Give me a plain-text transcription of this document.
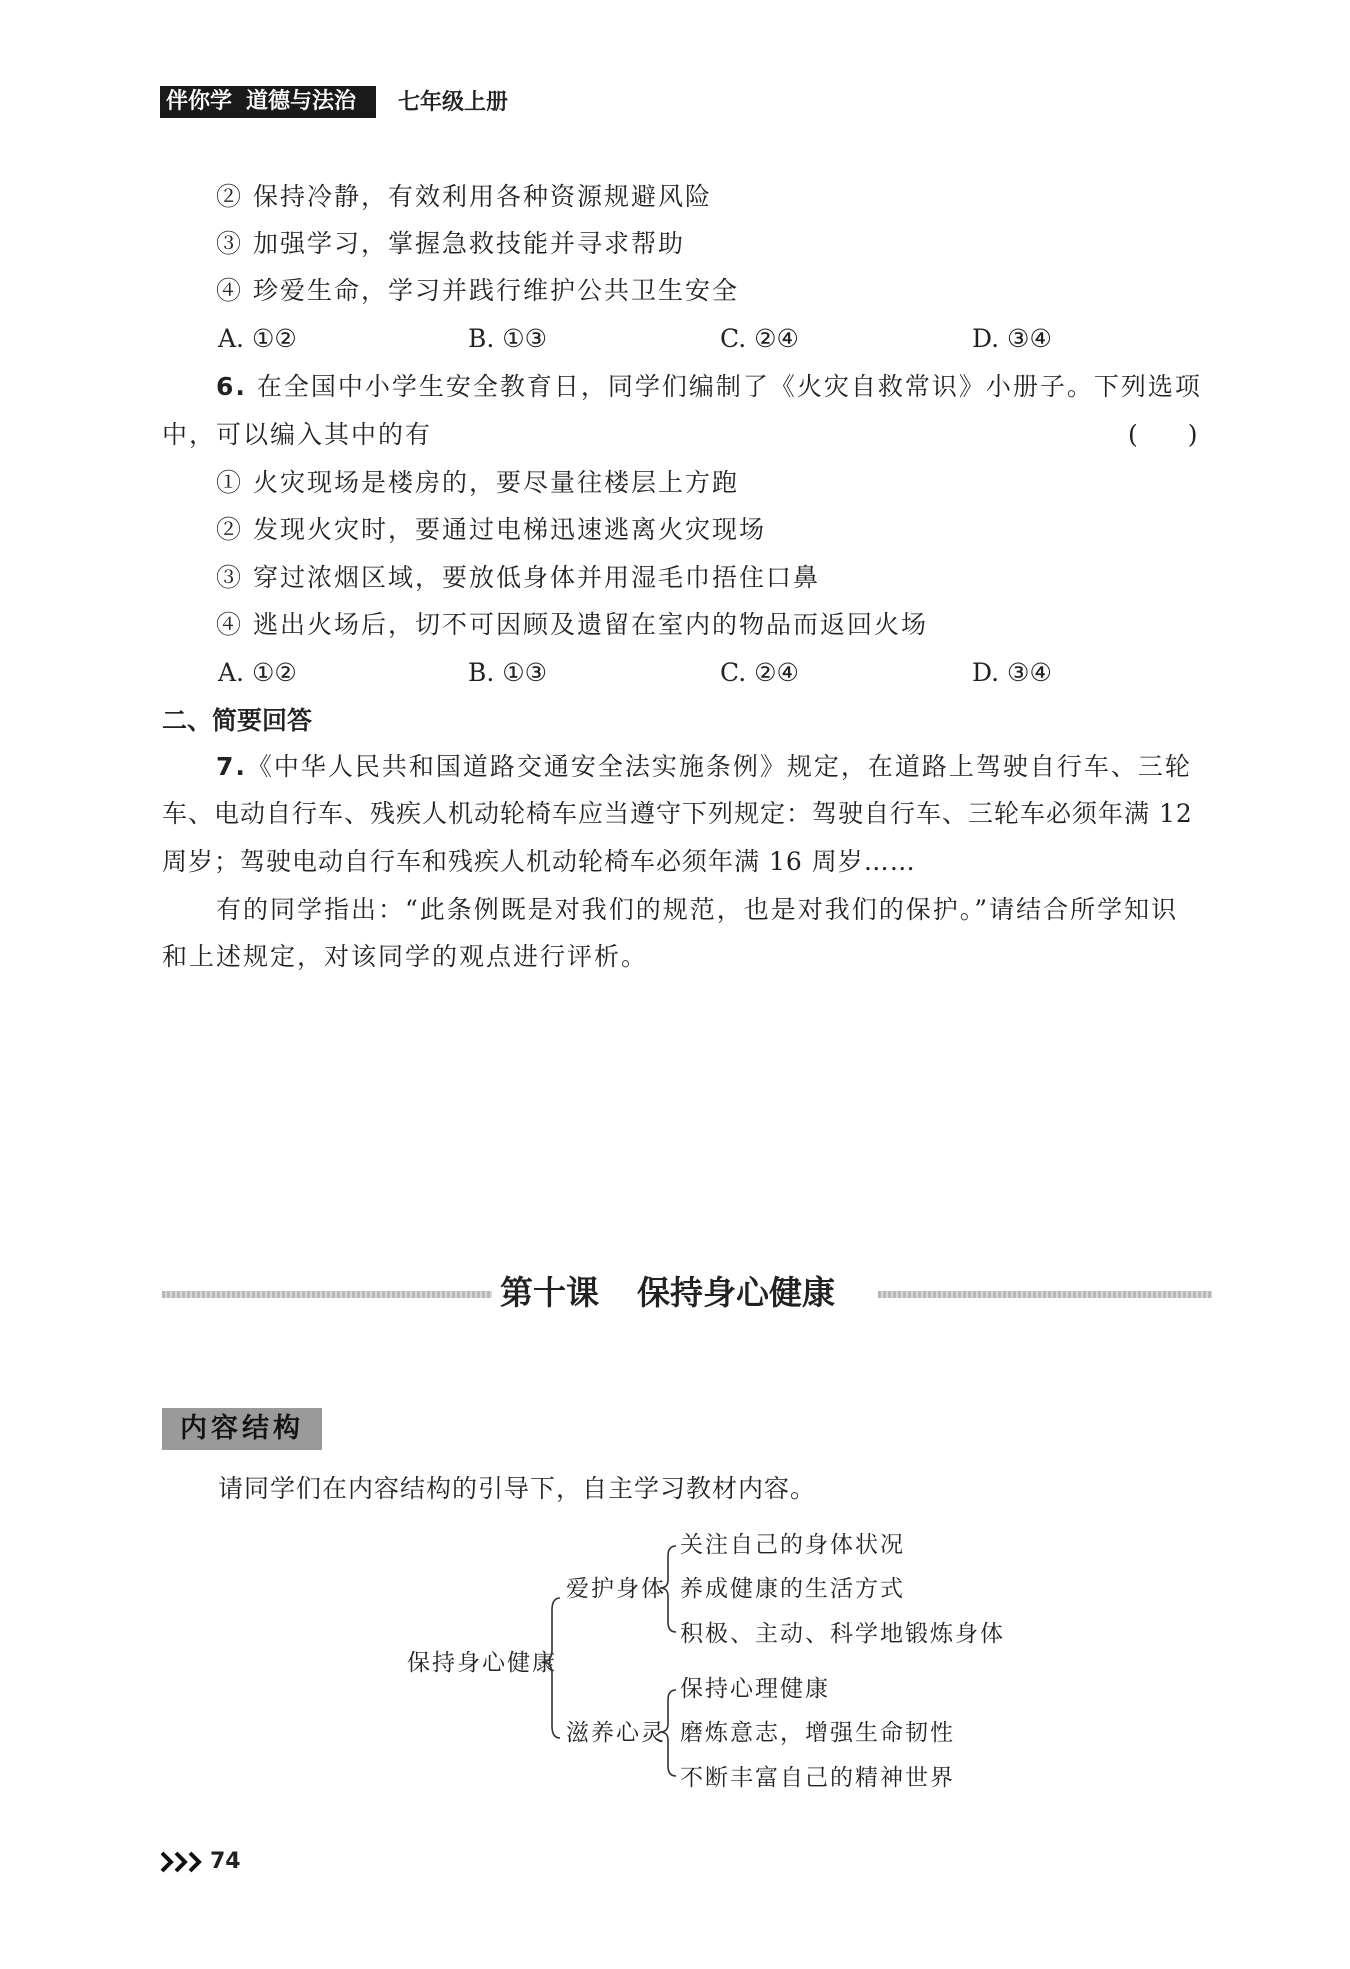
伴你学 道德与法治	七年级上册
② 保持冷静，有效利用各种资源规避风险
③ 加强学习，掌握急救技能并寻求帮助
④ 珍爱生命，学习并践行维护公共卫生安全
A. ①②	B. ①③	C. ②④	D. ③④
6. 在全国中小学生安全教育日，同学们编制了《火灾自救常识》小册子。下列选项
中，可以编入其中的有	(　　)
① 火灾现场是楼房的，要尽量往楼层上方跑
② 发现火灾时，要通过电梯迅速逃离火灾现场
③ 穿过浓烟区域，要放低身体并用湿毛巾捂住口鼻
④ 逃出火场后，切不可因顾及遗留在室内的物品而返回火场
A. ①②	B. ①③	C. ②④	D. ③④
二、简要回答
7.《中华人民共和国道路交通安全法实施条例》规定，在道路上驾驶自行车、三轮
车、电动自行车、残疾人机动轮椅车应当遵守下列规定：驾驶自行车、三轮车必须年满 12
周岁；驾驶电动自行车和残疾人机动轮椅车必须年满 16 周岁……
有的同学指出：“此条例既是对我们的规范，也是对我们的保护。”请结合所学知识
和上述规定，对该同学的观点进行评析。
第十课 保持身心健康
内容结构
请同学们在内容结构的引导下，自主学习教材内容。
保持身心健康
爱护身体
关注自己的身体状况
养成健康的生活方式
积极、主动、科学地锻炼身体
滋养心灵
保持心理健康
磨炼意志，增强生命韧性
不断丰富自己的精神世界
74
